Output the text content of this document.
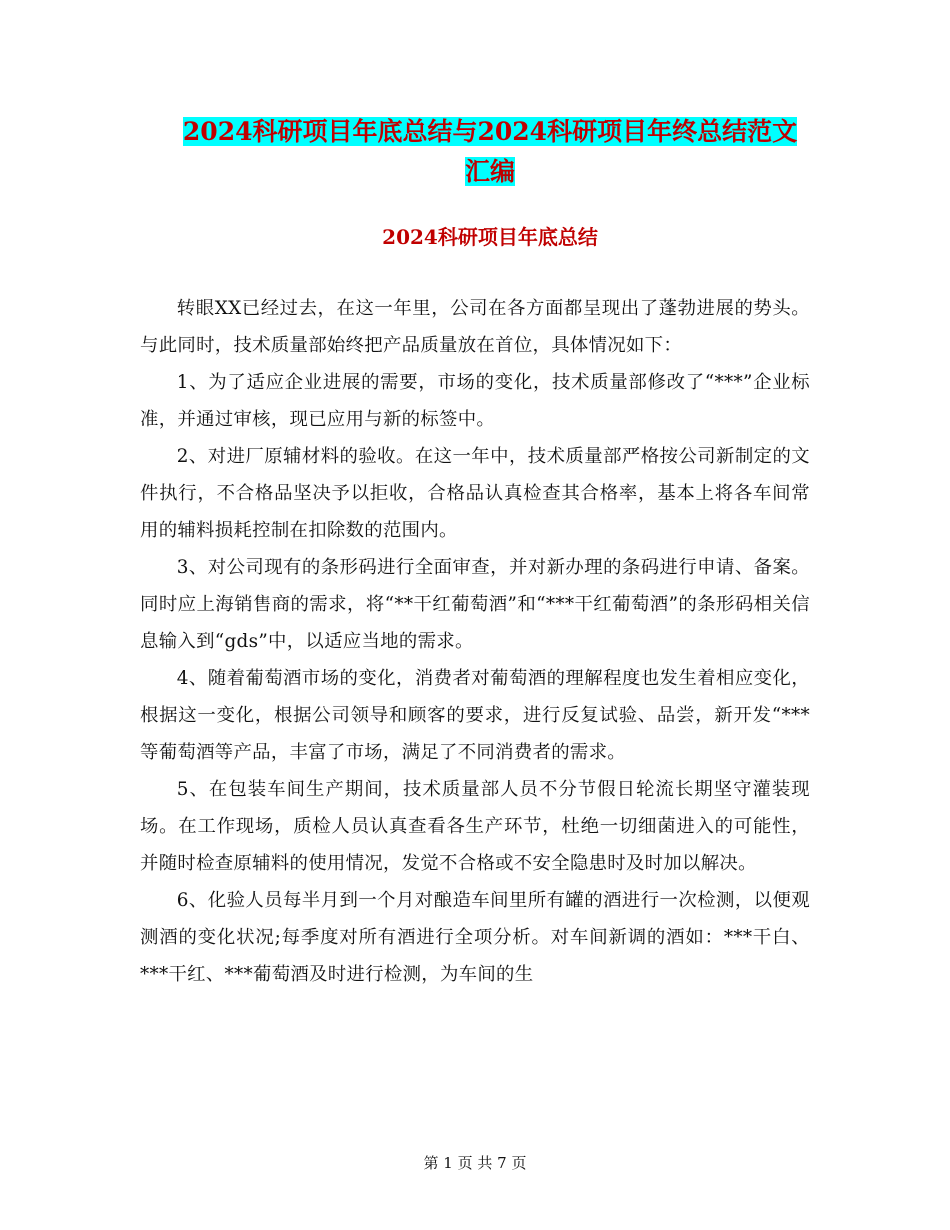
2024科研项目年底总结与2024科研项目年终总结范文
汇编
2024科研项目年底总结

转眼XX已经过去，在这一年里，公司在各方面都呈现出了蓬勃进展的势头。与此同时，技术质量部始终把产品质量放在首位，具体情况如下：

1、为了适应企业进展的需要，市场的变化，技术质量部修改了“***”企业标准，并通过审核，现已应用与新的标签中。

2、对进厂原辅材料的验收。在这一年中，技术质量部严格按公司新制定的文件执行，不合格品坚决予以拒收，合格品认真检查其合格率，基本上将各车间常用的辅料损耗控制在扣除数的范围内。

3、对公司现有的条形码进行全面审查，并对新办理的条码进行申请、备案。同时应上海销售商的需求，将“**干红葡萄酒”和“***干红葡萄酒”的条形码相关信息输入到“gds”中，以适应当地的需求。

4、随着葡萄酒市场的变化，消费者对葡萄酒的理解程度也发生着相应变化，根据这一变化，根据公司领导和顾客的要求，进行反复试验、品尝，新开发“***等葡萄酒等产品，丰富了市场，满足了不同消费者的需求。

5、在包装车间生产期间，技术质量部人员不分节假日轮流长期坚守灌装现场。在工作现场，质检人员认真查看各生产环节，杜绝一切细菌进入的可能性，并随时检查原辅料的使用情况，发觉不合格或不安全隐患时及时加以解决。

6、化验人员每半月到一个月对酿造车间里所有罐的酒进行一次检测，以便观测酒的变化状况;每季度对所有酒进行全项分析。对车间新调的酒如：***干白、***干红、***葡萄酒及时进行检测，为车间的生

第 1 页 共 7 页
